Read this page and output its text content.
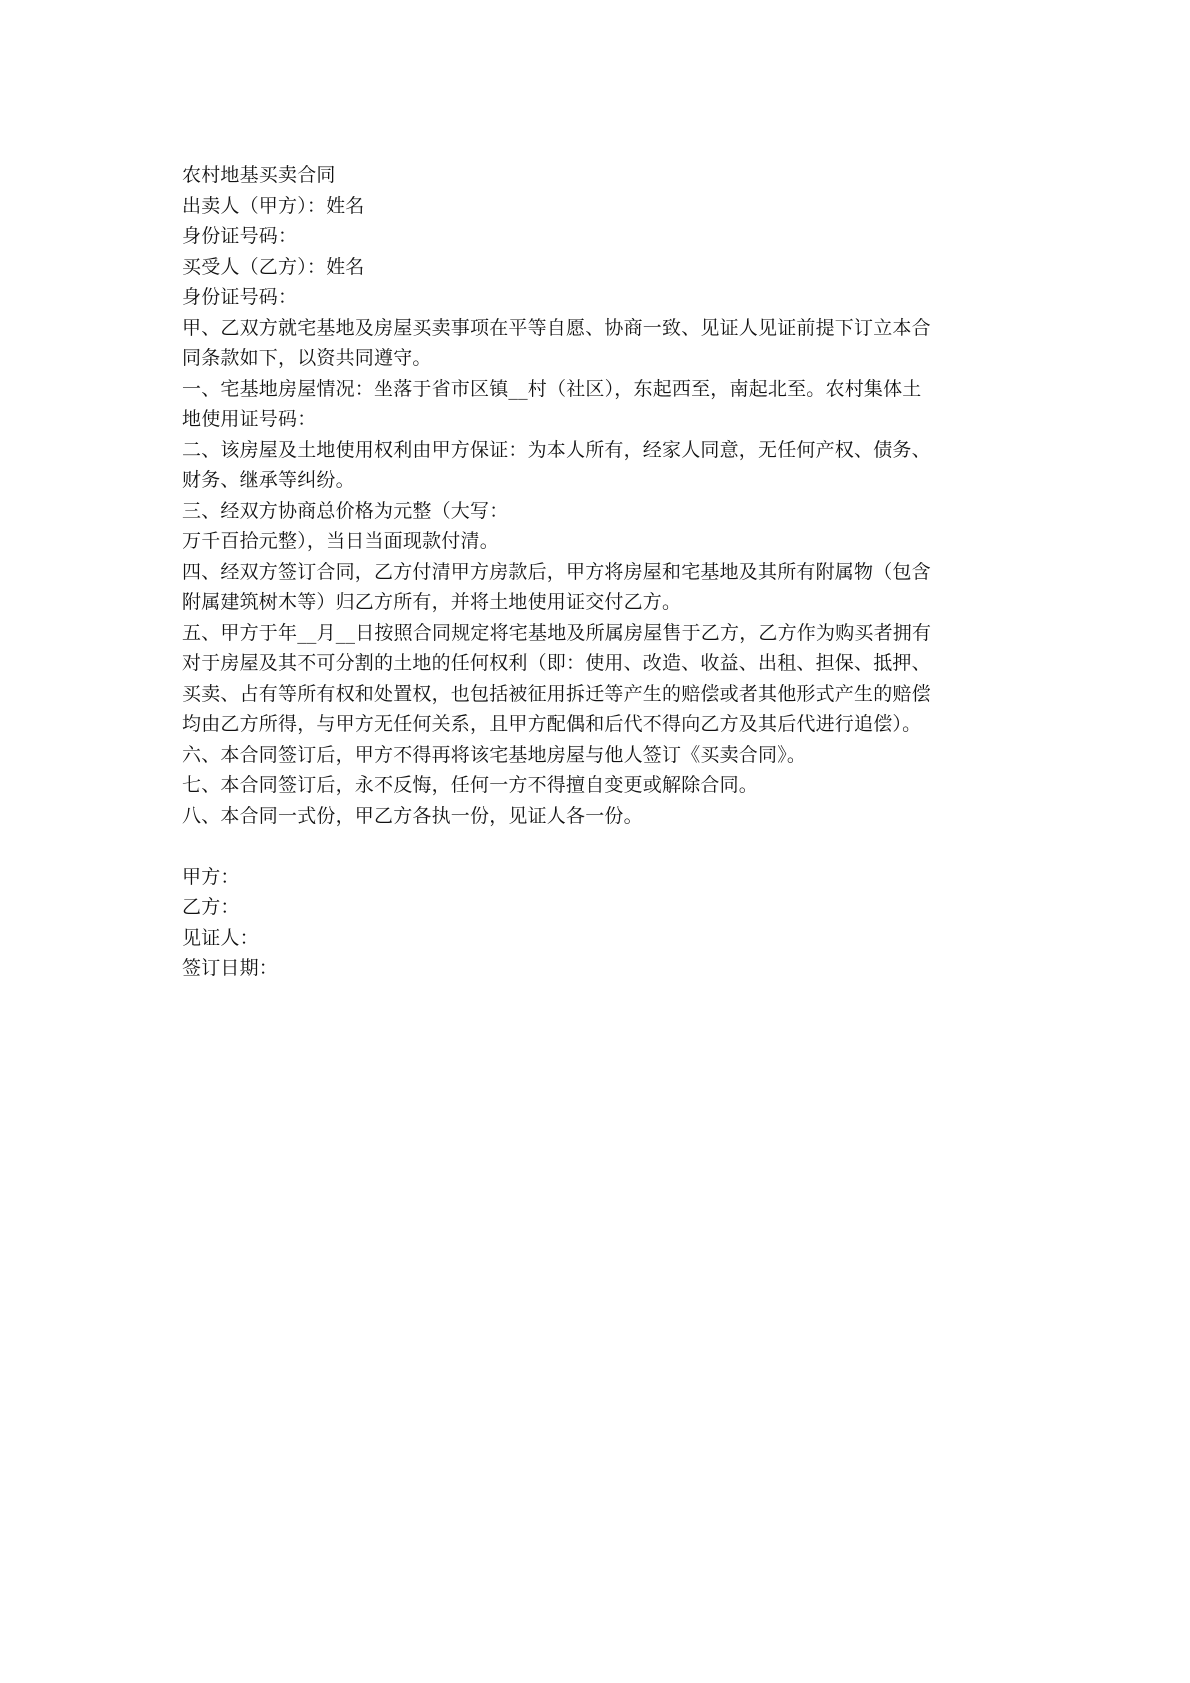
农村地基买卖合同
出卖人（甲方）：姓名
身份证号码：
买受人（乙方）：姓名
身份证号码：
甲、乙双方就宅基地及房屋买卖事项在平等自愿、协商一致、见证人见证前提下订立本合
同条款如下，以资共同遵守。
一、宅基地房屋情况：坐落于省市区镇__村（社区），东起西至，南起北至。农村集体土
地使用证号码：
二、该房屋及土地使用权利由甲方保证：为本人所有，经家人同意，无任何产权、债务、
财务、继承等纠纷。
三、经双方协商总价格为元整（大写：
万千百拾元整），当日当面现款付清。
四、经双方签订合同，乙方付清甲方房款后，甲方将房屋和宅基地及其所有附属物（包含
附属建筑树木等）归乙方所有，并将土地使用证交付乙方。
五、甲方于年__月__日按照合同规定将宅基地及所属房屋售于乙方，乙方作为购买者拥有
对于房屋及其不可分割的土地的任何权利（即：使用、改造、收益、出租、担保、抵押、
买卖、占有等所有权和处置权，也包括被征用拆迁等产生的赔偿或者其他形式产生的赔偿
均由乙方所得，与甲方无任何关系，且甲方配偶和后代不得向乙方及其后代进行追偿）。
六、本合同签订后，甲方不得再将该宅基地房屋与他人签订《买卖合同》。
七、本合同签订后，永不反悔，任何一方不得擅自变更或解除合同。
八、本合同一式份，甲乙方各执一份，见证人各一份。
甲方：
乙方：
见证人：
签订日期：
